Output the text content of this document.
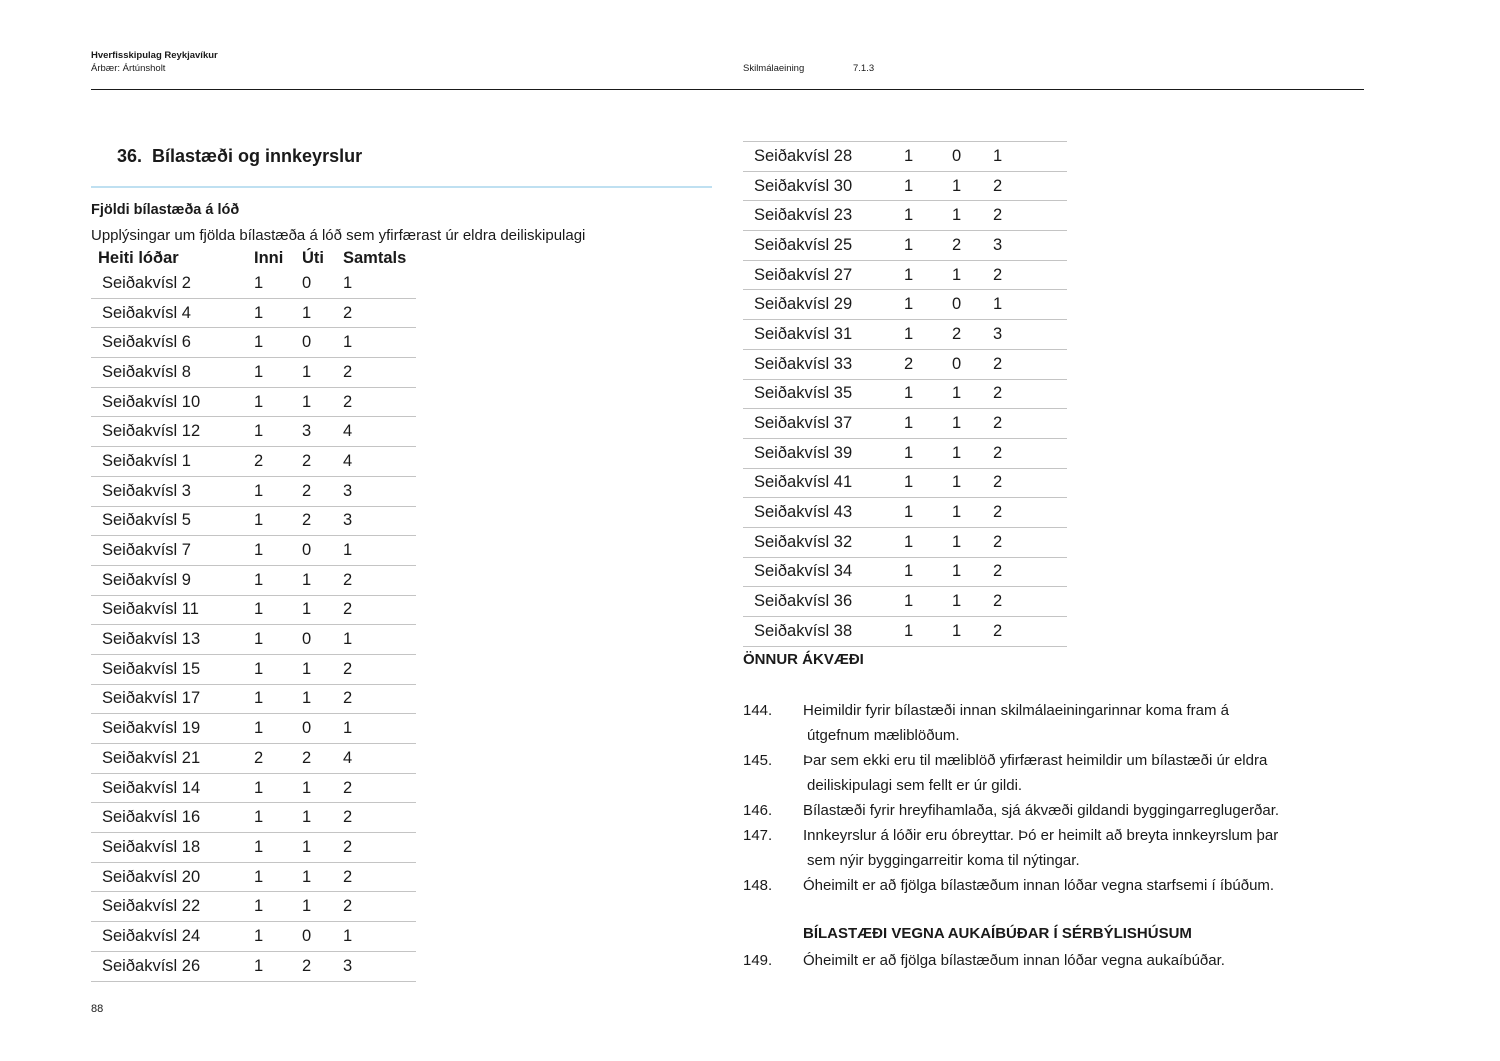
Hverfisskipulag Reykjavíkur
Árbær: Ártúnsholt	Skilmálaeining	7.1.3
36. Bílastæði og innkeyrslur
Fjöldi bílastæða á lóð
Upplýsingar um fjölda bílastæða á lóð sem yfirfærast úr eldra deiliskipulagi
Heiti lóðar	Inni	Úti	Samtals
Seiðakvísl 2	1	0	1
Seiðakvísl 4	1	1	2
Seiðakvísl 6	1	0	1
Seiðakvísl 8	1	1	2
Seiðakvísl 10	1	1	2
Seiðakvísl 12	1	3	4
Seiðakvísl 1	2	2	4
Seiðakvísl 3	1	2	3
Seiðakvísl 5	1	2	3
Seiðakvísl 7	1	0	1
Seiðakvísl 9	1	1	2
Seiðakvísl 11	1	1	2
Seiðakvísl 13	1	0	1
Seiðakvísl 15	1	1	2
Seiðakvísl 17	1	1	2
Seiðakvísl 19	1	0	1
Seiðakvísl 21	2	2	4
Seiðakvísl 14	1	1	2
Seiðakvísl 16	1	1	2
Seiðakvísl 18	1	1	2
Seiðakvísl 20	1	1	2
Seiðakvísl 22	1	1	2
Seiðakvísl 24	1	0	1
Seiðakvísl 26	1	2	3
Seiðakvísl 28	1	0	1
Seiðakvísl 30	1	1	2
Seiðakvísl 23	1	1	2
Seiðakvísl 25	1	2	3
Seiðakvísl 27	1	1	2
Seiðakvísl 29	1	0	1
Seiðakvísl 31	1	2	3
Seiðakvísl 33	2	0	2
Seiðakvísl 35	1	1	2
Seiðakvísl 37	1	1	2
Seiðakvísl 39	1	1	2
Seiðakvísl 41	1	1	2
Seiðakvísl 43	1	1	2
Seiðakvísl 32	1	1	2
Seiðakvísl 34	1	1	2
Seiðakvísl 36	1	1	2
Seiðakvísl 38	1	1	2
ÖNNUR ÁKVÆÐI
144. Heimildir fyrir bílastæði innan skilmálaeiningarinnar koma fram á
útgefnum mæliblöðum.
145. Þar sem ekki eru til mæliblöð yfirfærast heimildir um bílastæði úr eldra
deiliskipulagi sem fellt er úr gildi.
146. Bílastæði fyrir hreyfihamlaða, sjá ákvæði gildandi byggingarreglugerðar.
147. Innkeyrslur á lóðir eru óbreyttar. Þó er heimilt að breyta innkeyrslum þar
sem nýir byggingarreitir koma til nýtingar.
148. Óheimilt er að fjölga bílastæðum innan lóðar vegna starfsemi í íbúðum.
BÍLASTÆÐI VEGNA AUKAÍBÚÐAR Í SÉRBÝLISHÚSUM
149. Óheimilt er að fjölga bílastæðum innan lóðar vegna aukaíbúðar.
88
